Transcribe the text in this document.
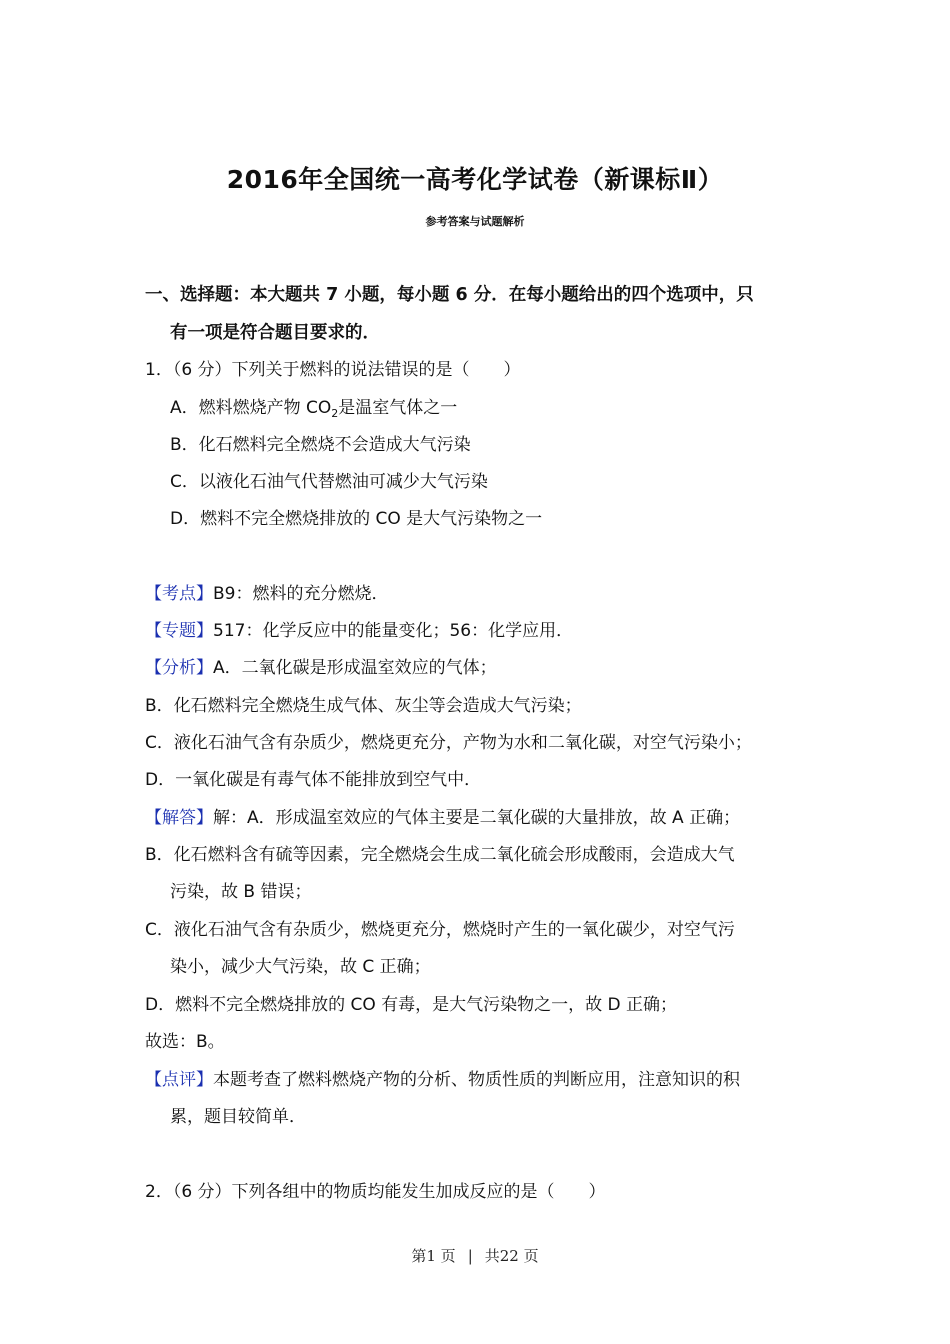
2016年全国统一高考化学试卷（新课标Ⅱ）
参考答案与试题解析
一、选择题：本大题共 7 小题，每小题 6 分．在每小题给出的四个选项中，只
有一项是符合题目要求的．
1．（6 分）下列关于燃料的说法错误的是（　　）
A．燃料燃烧产物 $CO_2$是温室气体之一
B．化石燃料完全燃烧不会造成大气污染
C．以液化石油气代替燃油可减少大气污染
D．燃料不完全燃烧排放的 CO 是大气污染物之一
【考点】B9：燃料的充分燃烧．
【专题】517：化学反应中的能量变化；56：化学应用．
【分析】A．二氧化碳是形成温室效应的气体；
B．化石燃料完全燃烧生成气体、灰尘等会造成大气污染；
C．液化石油气含有杂质少，燃烧更充分，产物为水和二氧化碳，对空气污染小；
D．一氧化碳是有毒气体不能排放到空气中．
【解答】解：A．形成温室效应的气体主要是二氧化碳的大量排放，故 A 正确；
B．化石燃料含有硫等因素，完全燃烧会生成二氧化硫会形成酸雨，会造成大气
污染，故 B 错误；
C．液化石油气含有杂质少，燃烧更充分，燃烧时产生的一氧化碳少，对空气污
染小，减少大气污染，故 C 正确；
D．燃料不完全燃烧排放的 CO 有毒，是大气污染物之一，故 D 正确；
故选：B。
【点评】本题考查了燃料燃烧产物的分析、物质性质的判断应用，注意知识的积
累，题目较简单．
2．（6 分）下列各组中的物质均能发生加成反应的是（　　）
第1 页 | 共22 页
